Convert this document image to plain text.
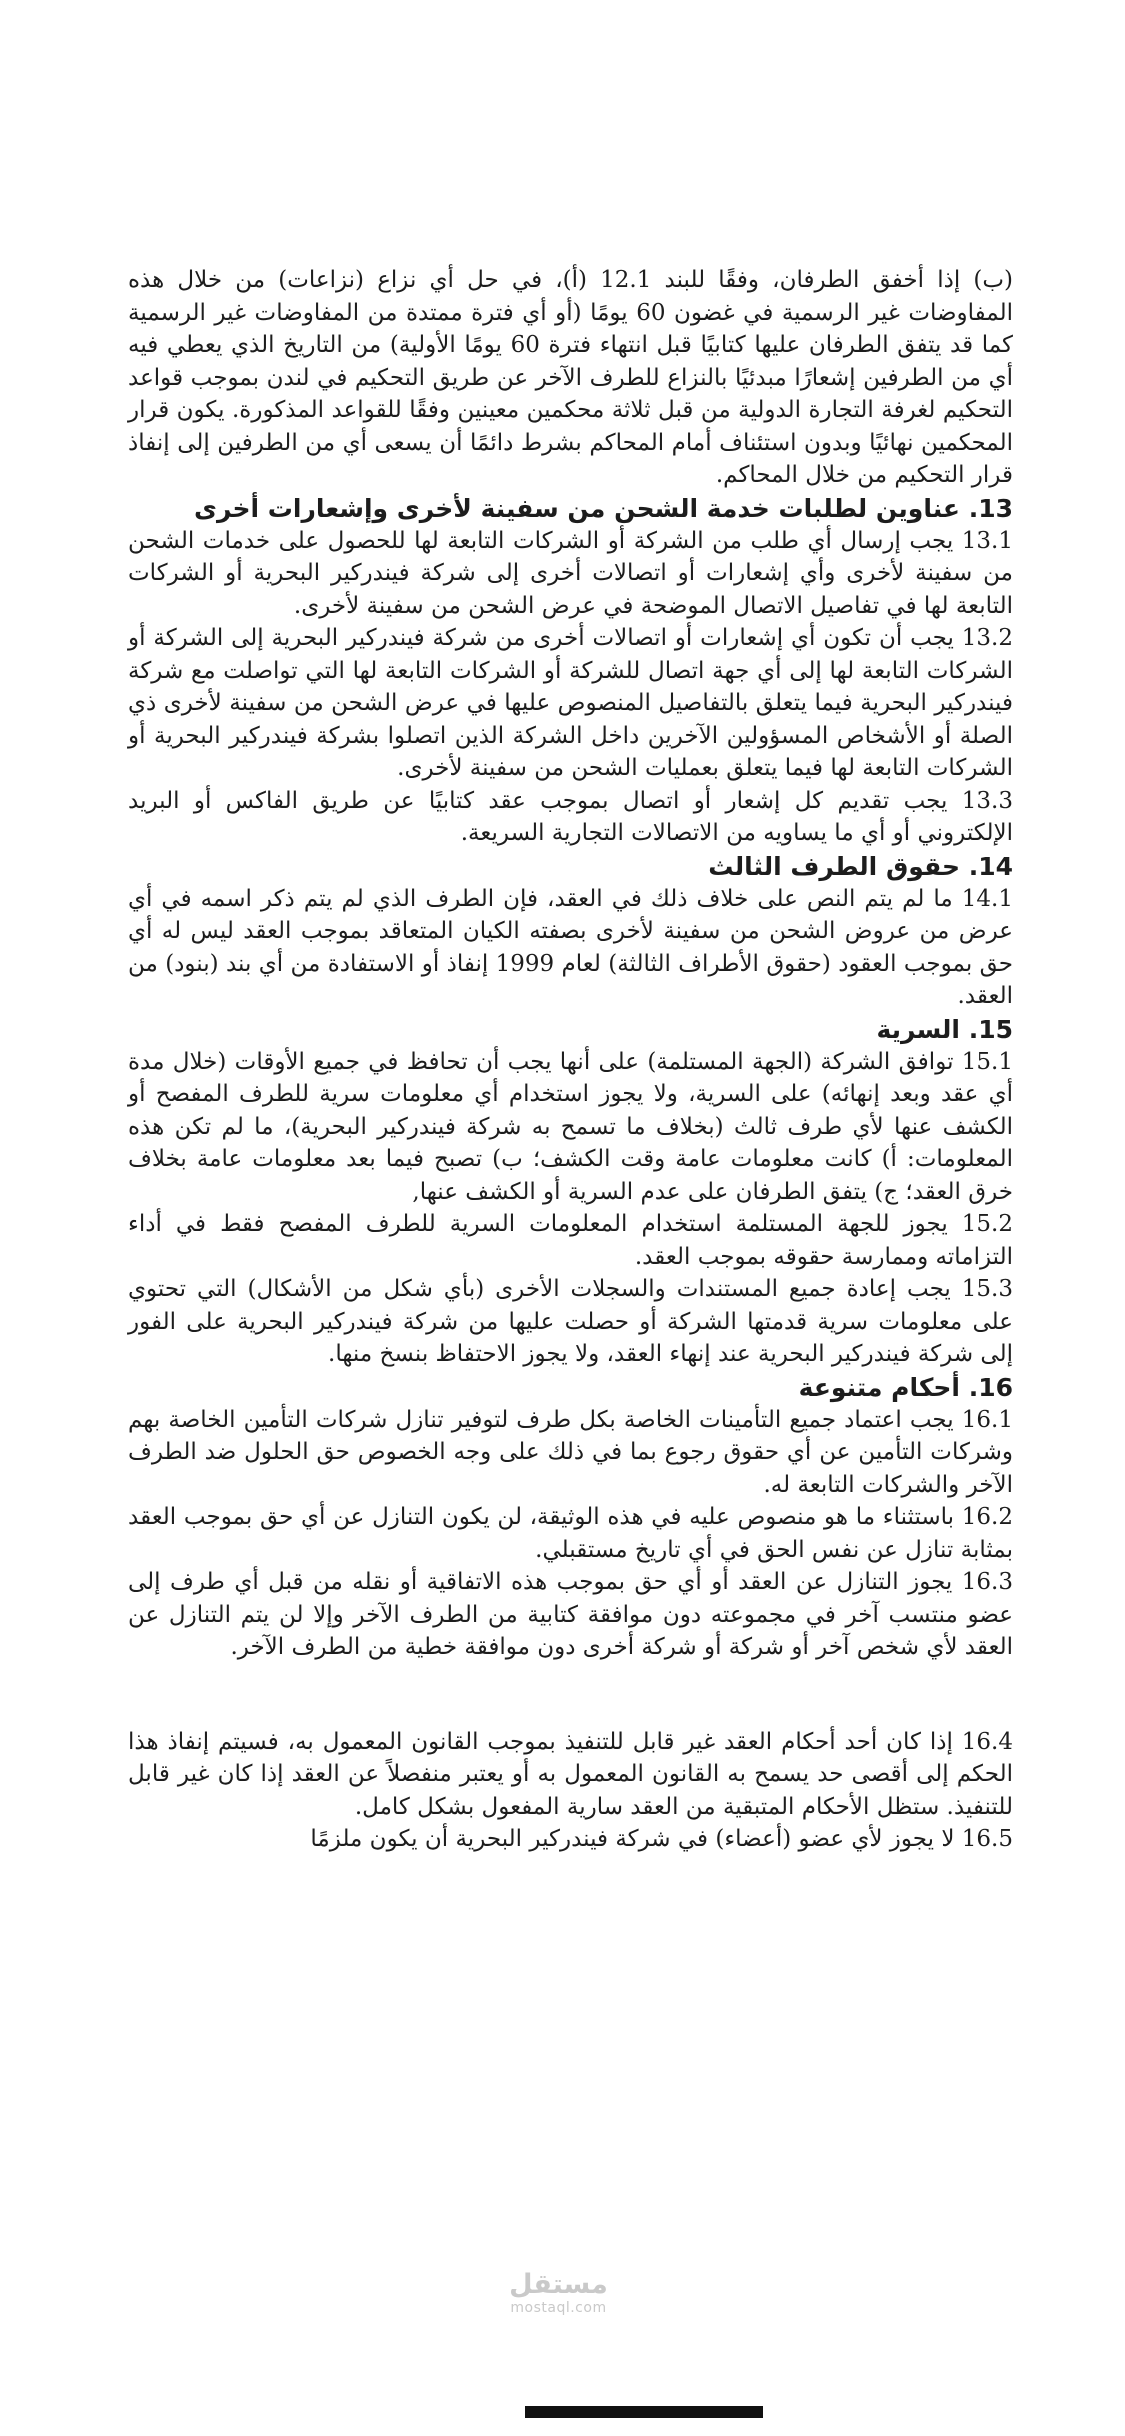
(ب) إذا أخفق الطرفان، وفقًا للبند 12.1 (أ)، في حل أي نزاع (نزاعات) من خلال هذه المفاوضات غير الرسمية في غضون 60 يومًا (أو أي فترة ممتدة من المفاوضات غير الرسمية كما قد يتفق الطرفان عليها كتابيًا قبل انتهاء فترة 60 يومًا الأولية) من التاريخ الذي يعطي فيه أي من الطرفين إشعارًا مبدئيًا بالنزاع للطرف الآخر عن طريق التحكيم في لندن بموجب قواعد التحكيم لغرفة التجارة الدولية من قبل ثلاثة محكمين معينين وفقًا للقواعد المذكورة. يكون قرار المحكمين نهائيًا وبدون استئناف أمام المحاكم بشرط دائمًا أن يسعى أي من الطرفين إلى إنفاذ قرار التحكيم من خلال المحاكم.

13. عناوين لطلبات خدمة الشحن من سفينة لأخرى وإشعارات أخرى

13.1 يجب إرسال أي طلب من الشركة أو الشركات التابعة لها للحصول على خدمات الشحن من سفينة لأخرى وأي إشعارات أو اتصالات أخرى إلى شركة فيندركير البحرية أو الشركات التابعة لها في تفاصيل الاتصال الموضحة في عرض الشحن من سفينة لأخرى.

13.2 يجب أن تكون أي إشعارات أو اتصالات أخرى من شركة فيندركير البحرية إلى الشركة أو الشركات التابعة لها إلى أي جهة اتصال للشركة أو الشركات التابعة لها التي تواصلت مع شركة فيندركير البحرية فيما يتعلق بالتفاصيل المنصوص عليها في عرض الشحن من سفينة لأخرى ذي الصلة أو الأشخاص المسؤولين الآخرين داخل الشركة الذين اتصلوا بشركة فيندركير البحرية أو الشركات التابعة لها فيما يتعلق بعمليات الشحن من سفينة لأخرى.

13.3 يجب تقديم كل إشعار أو اتصال بموجب عقد كتابيًا عن طريق الفاكس أو البريد الإلكتروني أو أي ما يساويه من الاتصالات التجارية السريعة.

14. حقوق الطرف الثالث

14.1 ما لم يتم النص على خلاف ذلك في العقد، فإن الطرف الذي لم يتم ذكر اسمه في أي عرض من عروض الشحن من سفينة لأخرى بصفته الكيان المتعاقد بموجب العقد ليس له أي حق بموجب العقود (حقوق الأطراف الثالثة) لعام 1999 إنفاذ أو الاستفادة من أي بند (بنود) من العقد.

15. السرية

15.1 توافق الشركة (الجهة المستلمة) على أنها يجب أن تحافظ في جميع الأوقات (خلال مدة أي عقد وبعد إنهائه) على السرية، ولا يجوز استخدام أي معلومات سرية للطرف المفصح أو الكشف عنها لأي طرف ثالث (بخلاف ما تسمح به شركة فيندركير البحرية)، ما لم تكن هذه المعلومات: أ) كانت معلومات عامة وقت الكشف؛ ب) تصبح فيما بعد معلومات عامة بخلاف خرق العقد؛ ج) يتفق الطرفان على عدم السرية أو الكشف عنها,

15.2 يجوز للجهة المستلمة استخدام المعلومات السرية للطرف المفصح فقط في أداء التزاماته وممارسة حقوقه بموجب العقد.

15.3 يجب إعادة جميع المستندات والسجلات الأخرى (بأي شكل من الأشكال) التي تحتوي على معلومات سرية قدمتها الشركة أو حصلت عليها من شركة فيندركير البحرية على الفور إلى شركة فيندركير البحرية عند إنهاء العقد، ولا يجوز الاحتفاظ بنسخ منها.

16. أحكام متنوعة

16.1 يجب اعتماد جميع التأمينات الخاصة بكل طرف لتوفير تنازل شركات التأمين الخاصة بهم وشركات التأمين عن أي حقوق رجوع بما في ذلك على وجه الخصوص حق الحلول ضد الطرف الآخر والشركات التابعة له.

16.2 باستثناء ما هو منصوص عليه في هذه الوثيقة، لن يكون التنازل عن أي حق بموجب العقد بمثابة تنازل عن نفس الحق في أي تاريخ مستقبلي.

16.3 يجوز التنازل عن العقد أو أي حق بموجب هذه الاتفاقية أو نقله من قبل أي طرف إلى عضو منتسب آخر في مجموعته دون موافقة كتابية من الطرف الآخر وإلا لن يتم التنازل عن العقد لأي شخص آخر أو شركة أو شركة أخرى دون موافقة خطية من الطرف الآخر.

16.4 إذا كان أحد أحكام العقد غير قابل للتنفيذ بموجب القانون المعمول به، فسيتم إنفاذ هذا الحكم إلى أقصى حد يسمح به القانون المعمول به أو يعتبر منفصلاً عن العقد إذا كان غير قابل للتنفيذ. ستظل الأحكام المتبقية من العقد سارية المفعول بشكل كامل.

16.5 لا يجوز لأي عضو (أعضاء) في شركة فيندركير البحرية أن يكون ملزمًا

مستقل
mostaql.com
